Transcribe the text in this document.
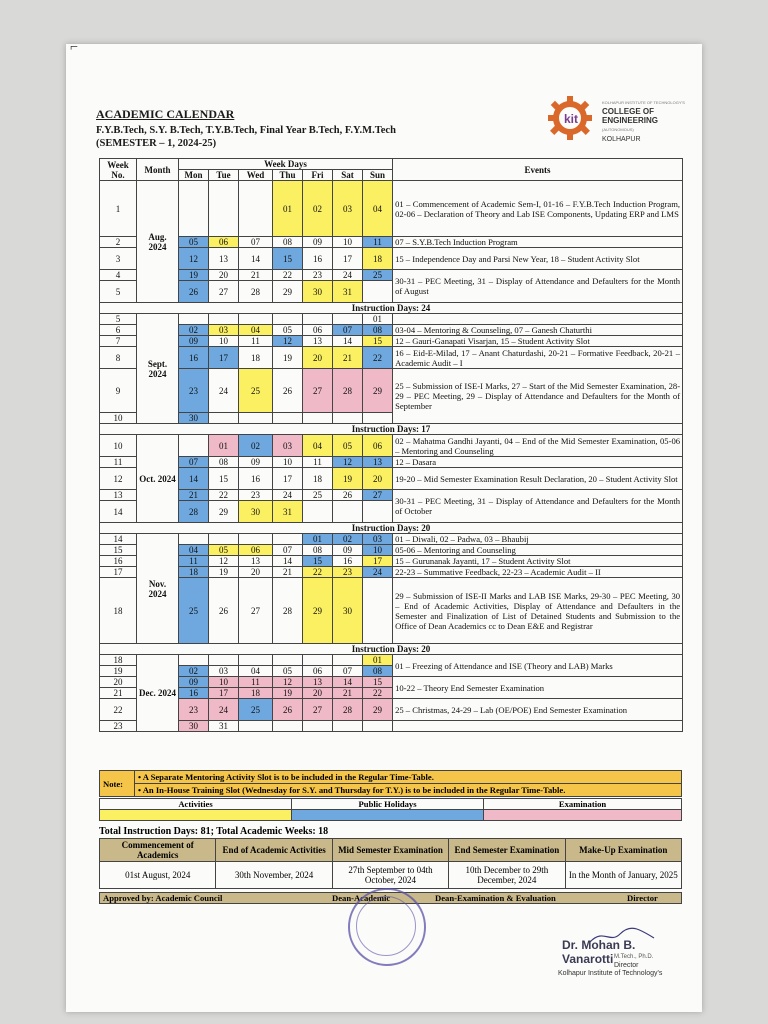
⌐
ACADEMIC CALENDAR
F.Y.B.Tech, S.Y. B.Tech, T.Y.B.Tech, Final Year B.Tech, F.Y.M.Tech
(SEMESTER – 1, 2024-25)
kit
KOLHAPUR INSTITUTE OF TECHNOLOGY'S
COLLEGE OF
ENGINEERING
(AUTONOMOUS)
KOLHAPUR
Week No.	Month	Week Days							Events
		Mon	Tue	Wed	Thu	Fri	Sat	Sun	
1	Aug. 2024				01	02	03	04	01 – Commencement of Academic Sem-I, 01-16 – F.Y.B.Tech Induction Program, 02-06 – Declaration of Theory and Lab ISE Components, Updating ERP and LMS
2		05	06	07	08	09	10	11	07 – S.Y.B.Tech Induction Program
3		12	13	14	15	16	17	18	15 – Independence Day and Parsi New Year, 18 – Student Activity Slot
4		19	20	21	22	23	24	25	30-31 – PEC Meeting, 31 – Display of Attendance and Defaulters for the Month of August
5		26	27	28	29	30	31		
Instruction Days: 24									
5	Sept. 2024							01	
6		02	03	04	05	06	07	08	03-04 – Mentoring & Counseling, 07 – Ganesh Chaturthi
7		09	10	11	12	13	14	15	12 – Gauri-Ganapati Visarjan, 15 – Student Activity Slot
8		16	17	18	19	20	21	22	16 – Eid-E-Milad, 17 – Anant Chaturdashi, 20-21 – Formative Feedback, 20-21 – Academic Audit – I
9		23	24	25	26	27	28	29	25 – Submission of ISE-I Marks, 27 – Start of the Mid Semester Examination, 28-29 – PEC Meeting, 29 – Display of Attendance and Defaulters for the Month of September
10		30							
Instruction Days: 17									
10	Oct. 2024		01	02	03	04	05	06	02 – Mahatma Gandhi Jayanti, 04 – End of the Mid Semester Examination, 05-06 – Mentoring and Counseling
11		07	08	09	10	11	12	13	12 – Dasara
12		14	15	16	17	18	19	20	19-20 – Mid Semester Examination Result Declaration, 20 – Student Activity Slot
13		21	22	23	24	25	26	27	30-31 – PEC Meeting, 31 – Display of Attendance and Defaulters for the Month of October
14		28	29	30	31				
Instruction Days: 20									
14	Nov. 2024					01	02	03	01 – Diwali, 02 – Padwa, 03 – Bhaubij
15		04	05	06	07	08	09	10	05-06 – Mentoring and Counseling
16		11	12	13	14	15	16	17	15 – Gurunanak Jayanti, 17 – Student Activity Slot
17		18	19	20	21	22	23	24	22-23 – Summative Feedback, 22-23 – Academic Audit – II
18		25	26	27	28	29	30		29 – Submission of ISE-II Marks and LAB ISE Marks, 29-30 – PEC Meeting, 30 – End of Academic Activities, Display of Attendance and Defaulters in the Semester and Finalization of List of Detained Students and Submission to the Office of Dean Academics cc to Dean E&E and Registrar
Instruction Days: 20									
18	Dec. 2024							01	01 – Freezing of Attendance and ISE (Theory and LAB) Marks
19		02	03	04	05	06	07	08	
20		09	10	11	12	13	14	15	10-22 – Theory End Semester Examination
21		16	17	18	19	20	21	22	
22		23	24	25	26	27	28	29	25 – Christmas, 24-29 – Lab (OE/POE) End Semester Examination
23		30	31						
Note:	• A Separate Mentoring Activity Slot is to be included in the Regular Time-Table.
• An In-House Training Slot (Wednesday for S.Y. and Thursday for T.Y.) is to be included in the Regular Time-Table.
Activities	Public Holidays	Examination

Total Instruction Days: 81; Total Academic Weeks: 18
Commencement of Academics	End of Academic Activities	Mid Semester Examination	End Semester Examination	Make-Up Examination
01st August, 2024	30th November, 2024	27th September to 04th October, 2024	10th December to 29th December, 2024	In the Month of January, 2025
Approved by: Academic Council	Dean-Academic	Dean-Examination & Evaluation	Director
Dr. Mohan B. Vanarotti M.Tech., Ph.D.
Director
Kolhapur Institute of Technology's
